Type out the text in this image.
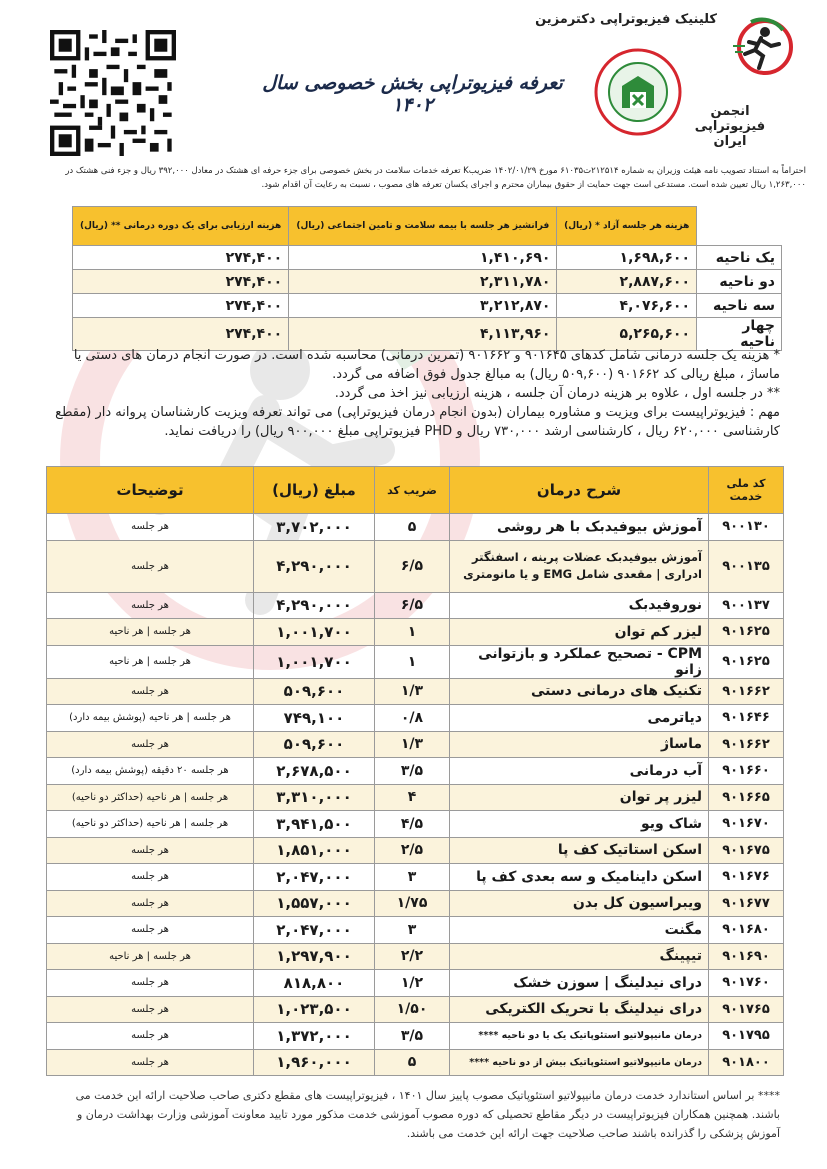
کلینیک فیزیوتراپی دکترمزین
انجمن فیزیوتراپی ایران
تعرفه فیزیوتراپی بخش خصوصی سال ۱۴۰۲
احتراماً به استناد تصویب نامه هیئت وزیران به شماره ۲۱۲۵۱۴ت۶۱۰۳۵ مورخ ۱۴۰۲/۰۱/۲۹ ضریبK تعرفه خدمات سلامت در بخش خصوصی برای جزء حرفه ای هشتک در معادل ۳۹۲,۰۰۰ ریال و جزء فنی هشتک در ۱,۲۶۳,۰۰۰ ریال تعیین شده است. مستدعی است جهت حمایت از حقوق بیماران محترم و اجرای یکسان تعرفه های مصوب ، نسبت به رعایت آن اقدام شود.
	هزینه هر جلسه آزاد * (ریال)	فرانشیز هر جلسه با بیمه سلامت و تامین اجتماعی (ریال)	هزینه ارزیابی برای یک دوره درمانی ** (ریال)
یک ناحیه	۱,۶۹۸,۶۰۰	۱,۴۱۰,۶۹۰	۲۷۴,۴۰۰
دو ناحیه	۲,۸۸۷,۶۰۰	۲,۳۱۱,۷۸۰	۲۷۴,۴۰۰
سه ناحیه	۴,۰۷۶,۶۰۰	۳,۲۱۲,۸۷۰	۲۷۴,۴۰۰
چهار ناحیه	۵,۲۶۵,۶۰۰	۴,۱۱۳,۹۶۰	۲۷۴,۴۰۰

* هزینه یک جلسه درمانی شامل کدهای ۹۰۱۶۴۵ و ۹۰۱۶۶۲ (تمرین درمانی) محاسبه شده است. در صورت انجام درمان های دستی یا ماساژ ، مبلغ ریالی کد ۹۰۱۶۶۲ (۵۰۹,۶۰۰ ریال) به مبالغ جدول فوق اضافه می گردد.

** در جلسه اول ، علاوه بر هزینه درمان آن جلسه ، هزینه ارزیابی نیز اخذ می گردد.

مهم : فیزیوتراپیست برای ویزیت و مشاوره بیماران (بدون انجام درمان فیزیوتراپی) می تواند تعرفه ویزیت کارشناسان پروانه دار (مقطع کارشناسی ۶۲۰,۰۰۰ ریال ، کارشناسی ارشد ۷۳۰,۰۰۰ ریال و PHD فیزیوتراپی مبلغ ۹۰۰,۰۰۰ ریال) را دریافت نماید.

کد ملی خدمت	شرح درمان	ضریب کد	مبلغ (ریال)	توضیحات
۹۰۰۱۳۰	آموزش بیوفیدبک با هر روشی	۵	۳,۷۰۲,۰۰۰	هر جلسه
۹۰۰۱۳۵	آموزش بیوفیدبک عضلات پرینه ، اسفنگتر ادراری | مقعدی شامل EMG و یا مانومتری	۶/۵	۴,۲۹۰,۰۰۰	هر جلسه
۹۰۰۱۳۷	نوروفیدبک	۶/۵	۴,۲۹۰,۰۰۰	هر جلسه
۹۰۱۶۲۵	لیزر کم توان	۱	۱,۰۰۱,۷۰۰	هر جلسه | هر ناحیه
۹۰۱۶۲۵	CPM - تصحیح عملکرد و بازتوانی زانو	۱	۱,۰۰۱,۷۰۰	هر جلسه | هر ناحیه
۹۰۱۶۶۲	تکنیک های درمانی دستی	۱/۳	۵۰۹,۶۰۰	هر جلسه
۹۰۱۶۴۶	دیاترمی	۰/۸	۷۴۹,۱۰۰	هر جلسه | هر ناحیه (پوشش بیمه دارد)
۹۰۱۶۶۲	ماساژ	۱/۳	۵۰۹,۶۰۰	هر جلسه
۹۰۱۶۶۰	آب درمانی	۳/۵	۲,۶۷۸,۵۰۰	هر جلسه ۲۰ دقیقه (پوشش بیمه دارد)
۹۰۱۶۶۵	لیزر پر توان	۴	۳,۳۱۰,۰۰۰	هر جلسه | هر ناحیه (حداکثر دو ناحیه)
۹۰۱۶۷۰	شاک ویو	۴/۵	۳,۹۴۱,۵۰۰	هر جلسه | هر ناحیه (حداکثر دو ناحیه)
۹۰۱۶۷۵	اسکن استاتیک کف پا	۲/۵	۱,۸۵۱,۰۰۰	هر جلسه
۹۰۱۶۷۶	اسکن داینامیک و سه بعدی کف پا	۳	۲,۰۴۷,۰۰۰	هر جلسه
۹۰۱۶۷۷	ویبراسیون کل بدن	۱/۷۵	۱,۵۵۷,۰۰۰	هر جلسه
۹۰۱۶۸۰	مگنت	۳	۲,۰۴۷,۰۰۰	هر جلسه
۹۰۱۶۹۰	تیپینگ	۲/۲	۱,۲۹۷,۹۰۰	هر جلسه | هر ناحیه
۹۰۱۷۶۰	درای نیدلینگ | سوزن خشک	۱/۲	۸۱۸,۸۰۰	هر جلسه
۹۰۱۷۶۵	درای نیدلینگ با تحریک الکتریکی	۱/۵۰	۱,۰۲۳,۵۰۰	هر جلسه
۹۰۱۷۹۵	درمان مانیپولاتیو استئوپاتیک یک یا دو ناحیه ****	۳/۵	۱,۳۷۲,۰۰۰	هر جلسه
۹۰۱۸۰۰	درمان مانیپولاتیو استئوپاتیک بیش از دو ناحیه ****	۵	۱,۹۶۰,۰۰۰	هر جلسه
**** بر اساس استاندارد خدمت درمان مانیپولاتیو استئوپاتیک مصوب پاییز سال ۱۴۰۱ ، فیزیوتراپیست های مقطع دکتری صاحب صلاحیت ارائه این خدمت می باشند. همچنین همکاران فیزیوتراپیست در دیگر مقاطع تحصیلی که دوره مصوب آموزشی خدمت مذکور مورد تایید معاونت آموزشی وزارت بهداشت درمان و آموزش پزشکی را گذرانده باشند صاحب صلاحیت جهت ارائه این خدمت می باشند.
